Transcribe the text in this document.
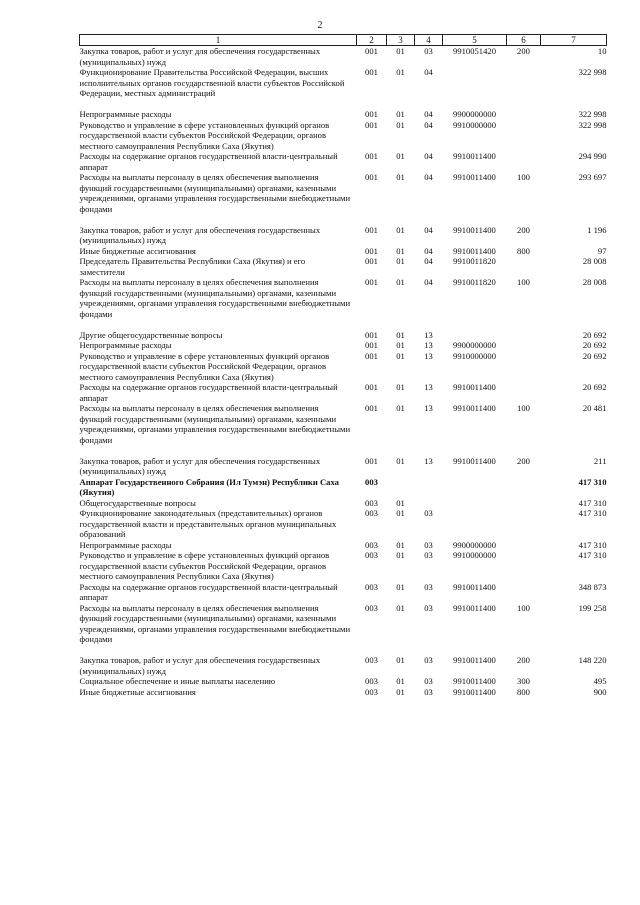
2
1	2	3	4	5	6	7
Закупка товаров, работ и услуг для обеспечения государственных (муниципальных) нужд	001	01	03	9910051420	200	10
Функционирование Правительства Российской Федерации, высших исполнительных органов государственной власти субъектов Российской Федерации, местных администраций	001	01	04			322 998
Непрограммные расходы	001	01	04	9900000000		322 998
Руководство и управление в сфере установленных функций органов государственной власти субъектов Российской Федерации, органов местного самоуправления Республики Саха (Якутия)	001	01	04	9910000000		322 998
Расходы на содержание органов государственной власти-центральный аппарат	001	01	04	9910011400		294 990
Расходы на выплаты персоналу в целях обеспечения выполнения функций государственными (муниципальными) органами, казенными учреждениями, органами управления государственными внебюджетными фондами	001	01	04	9910011400	100	293 697
Закупка товаров, работ и услуг для обеспечения государственных (муниципальных) нужд	001	01	04	9910011400	200	1 196
Иные бюджетные ассигнования	001	01	04	9910011400	800	97
Председатель Правительства Республики Саха (Якутия) и его заместители	001	01	04	9910011820		28 008
Расходы на выплаты персоналу в целях обеспечения выполнения функций государственными (муниципальными) органами, казенными учреждениями, органами управления государственными внебюджетными фондами	001	01	04	9910011820	100	28 008
Другие общегосударственные вопросы	001	01	13			20 692
Непрограммные расходы	001	01	13	9900000000		20 692
Руководство и управление в сфере установленных функций органов государственной власти субъектов Российской Федерации, органов местного самоуправления Республики Саха (Якутия)	001	01	13	9910000000		20 692
Расходы на содержание органов государственной власти-центральный аппарат	001	01	13	9910011400		20 692
Расходы на выплаты персоналу в целях обеспечения выполнения функций государственными (муниципальными) органами, казенными учреждениями, органами управления государственными внебюджетными фондами	001	01	13	9910011400	100	20 481
Закупка товаров, работ и услуг для обеспечения государственных (муниципальных) нужд	001	01	13	9910011400	200	211
Аппарат Государственного Собрания (Ил Тумэн) Республики Саха (Якутия)	003					417 310
Общегосударственные вопросы	003	01				417 310
Функционирование законодательных (представительных) органов государственной власти и представительных органов муниципальных образований	003	01	03			417 310
Непрограммные расходы	003	01	03	9900000000		417 310
Руководство и управление в сфере установленных функций органов государственной власти субъектов Российской Федерации, органов местного самоуправления Республики Саха (Якутия)	003	01	03	9910000000		417 310
Расходы на содержание органов государственной власти-центральный аппарат	003	01	03	9910011400		348 873
Расходы на выплаты персоналу в целях обеспечения выполнения функций государственными (муниципальными) органами, казенными учреждениями, органами управления государственными внебюджетными фондами	003	01	03	9910011400	100	199 258
Закупка товаров, работ и услуг для обеспечения государственных (муниципальных) нужд	003	01	03	9910011400	200	148 220
Социальное обеспечение и иные выплаты населению	003	01	03	9910011400	300	495
Иные бюджетные ассигнования	003	01	03	9910011400	800	900
